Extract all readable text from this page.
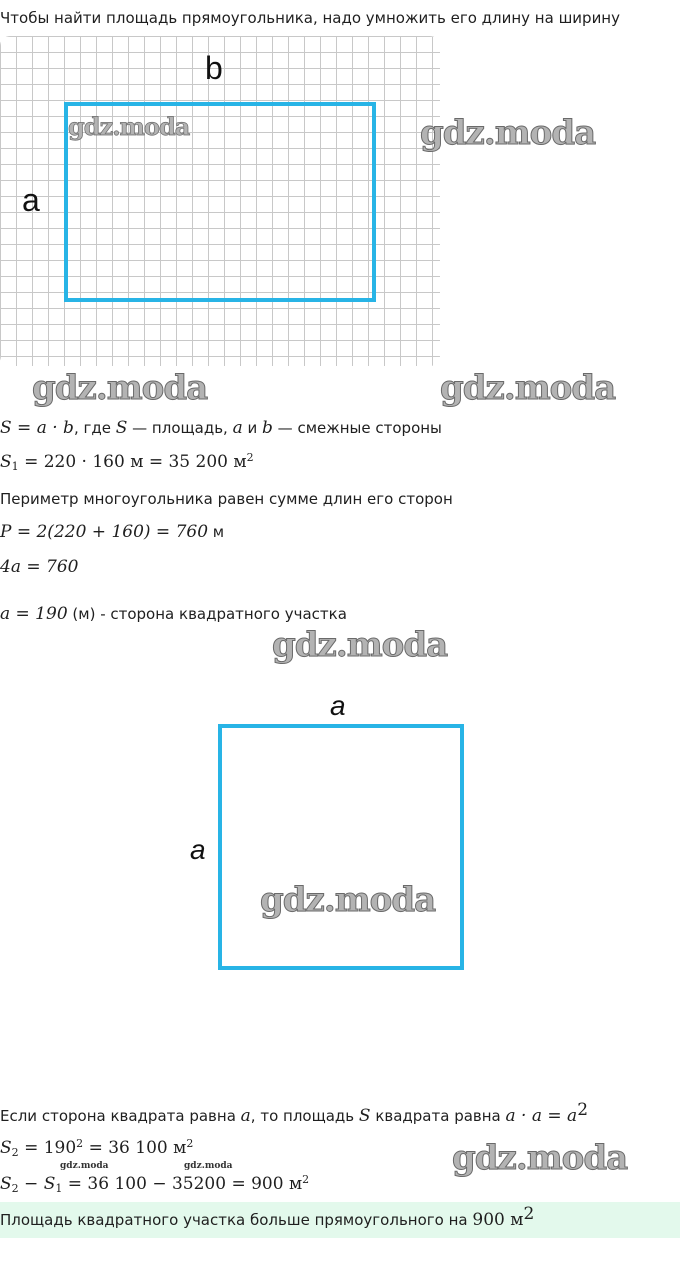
Чтобы найти площадь прямоугольника, надо умножить его длину на ширину
b
a
gdz.moda	gdz.moda
gdz.moda	gdz.moda
S = a · b, где S — площадь, a и b — смежные стороны
$S_1 = 220 \cdot 160$ м = 35 200 $м^2$
Периметр многоугольника равен сумме длин его сторон
P = 2(220 + 160) = 760 м
4a = 760
a = 190 (м) - сторона квадратного участка
gdz.moda
a
a
gdz.moda
Если сторона квадрата равна a, то площадь S квадрата равна $a \cdot a = a^2$
$S_2 = 190^2 = 36$ 100 $м^2$
gdz.moda	gdz.moda	gdz.moda
$S_2 - S_1 = 36$ 100 − 35200 = 900 $м^2$
Площадь квадратного участка больше прямоугольного на 900 $м^2$
